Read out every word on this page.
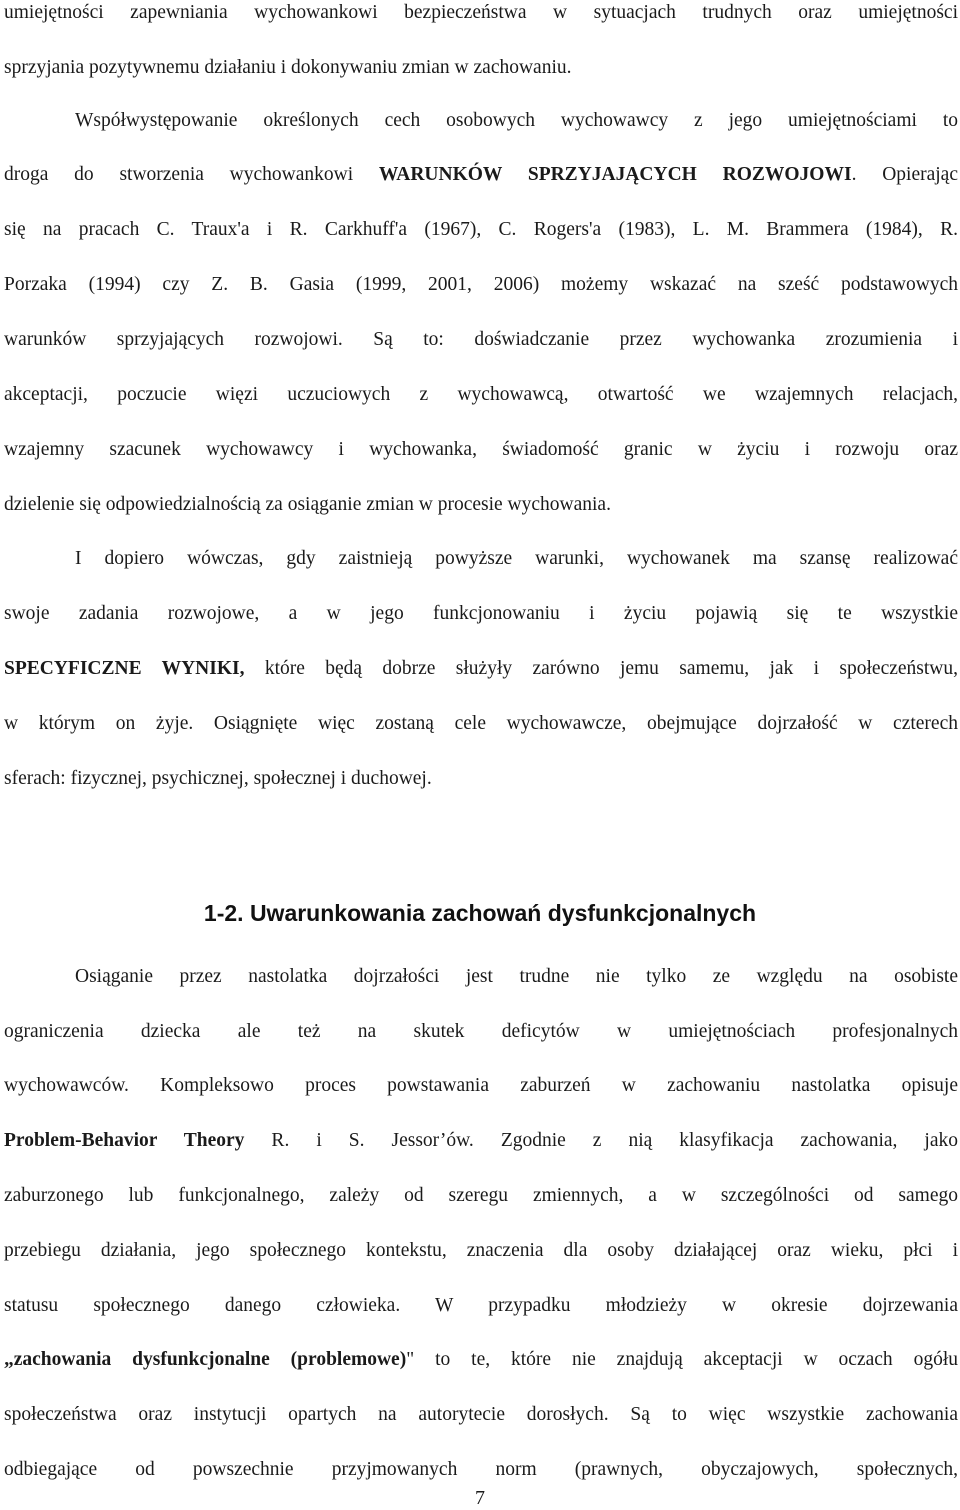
umiejętności zapewniania wychowankowi bezpieczeństwa w sytuacjach trudnych oraz umiejętności
sprzyjania pozytywnemu działaniu i dokonywaniu zmian w zachowaniu.
Współwystępowanie określonych cech osobowych wychowawcy z jego umiejętnościami to
droga do stworzenia wychowankowi WARUNKÓW SPRZYJAJĄCYCH ROZWOJOWI. Opierając
się na pracach C. Traux'a i R. Carkhuff'a (1967), C. Rogers'a (1983), L. M. Brammera (1984), R.
Porzaka (1994) czy Z. B. Gasia (1999, 2001, 2006) możemy wskazać na sześć podstawowych
warunków sprzyjających rozwojowi. Są to: doświadczanie przez wychowanka zrozumienia i
akceptacji, poczucie więzi uczuciowych z wychowawcą, otwartość we wzajemnych relacjach,
wzajemny szacunek wychowawcy i wychowanka, świadomość granic w życiu i rozwoju oraz
dzielenie się odpowiedzialnością za osiąganie zmian w procesie wychowania.
I dopiero wówczas, gdy zaistnieją powyższe warunki, wychowanek ma szansę realizować
swoje zadania rozwojowe, a w jego funkcjonowaniu i życiu pojawią się te wszystkie
SPECYFICZNE WYNIKI, które będą dobrze służyły zarówno jemu samemu, jak i społeczeństwu,
w którym on żyje. Osiągnięte więc zostaną cele wychowawcze, obejmujące dojrzałość w czterech
sferach: fizycznej, psychicznej, społecznej i duchowej.
1-2. Uwarunkowania zachowań dysfunkcjonalnych
Osiąganie przez nastolatka dojrzałości jest trudne nie tylko ze względu na osobiste
ograniczenia dziecka ale też na skutek deficytów w umiejętnościach profesjonalnych
wychowawców. Kompleksowo proces powstawania zaburzeń w zachowaniu nastolatka opisuje
Problem-Behavior Theory R. i S. Jessor’ów. Zgodnie z nią klasyfikacja zachowania, jako
zaburzonego lub funkcjonalnego, zależy od szeregu zmiennych, a w szczególności od samego
przebiegu działania, jego społecznego kontekstu, znaczenia dla osoby działającej oraz wieku, płci i
statusu społecznego danego człowieka. W przypadku młodzieży w okresie dojrzewania
„zachowania dysfunkcjonalne (problemowe)" to te, które nie znajdują akceptacji w oczach ogółu
społeczeństwa oraz instytucji opartych na autorytecie dorosłych. Są to więc wszystkie zachowania
odbiegające od powszechnie przyjmowanych norm (prawnych, obyczajowych, społecznych,
7
